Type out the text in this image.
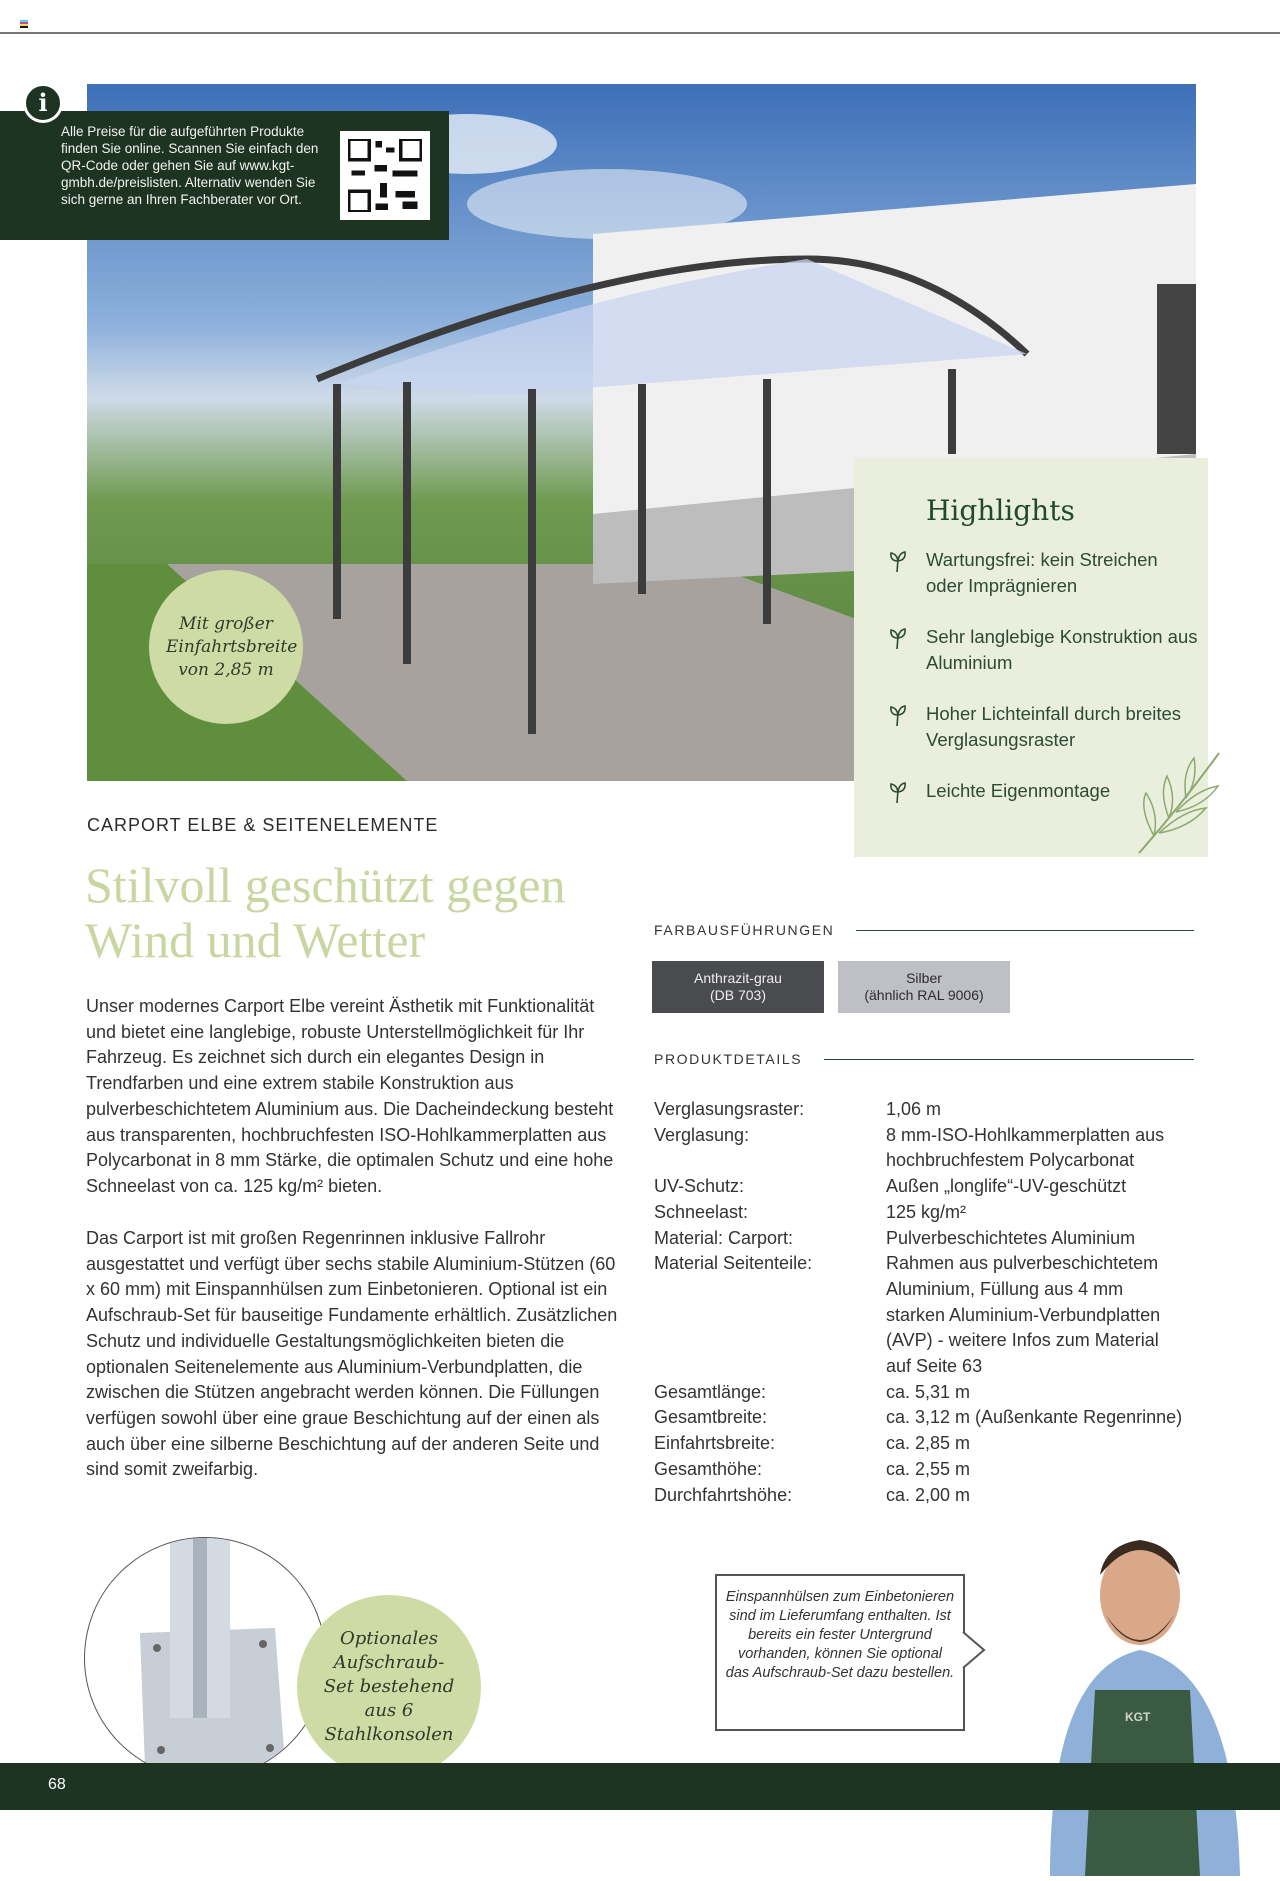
Alle Preise für die aufgeführten Produkte finden Sie online. Scannen Sie einfach den QR-Code oder gehen Sie auf www.kgt-gmbh.de/preislisten. Alternativ wenden Sie sich gerne an Ihren Fachberater vor Ort.

i
Mit großer Einfahrtsbreite von 2,85 m
Highlights
Wartungsfrei: kein Streichen oder Imprägnieren
Sehr langlebige Konstruktion aus Aluminium
Hoher Lichteinfall durch breites Verglasungsraster
Leichte Eigenmontage
CARPORT ELBE & SEITENELEMENTE
Stilvoll geschützt gegen Wind und Wetter

Unser modernes Carport Elbe vereint Ästhetik mit Funktionalität und bietet eine langlebige, robuste Unterstellmöglichkeit für Ihr Fahrzeug. Es zeichnet sich durch ein elegantes Design in Trendfarben und eine extrem stabile Konstruktion aus pulverbeschichtetem Aluminium aus. Die Dacheindeckung besteht aus transparenten, hochbruchfesten ISO-Hohlkammerplatten aus Polycarbonat in 8 mm Stärke, die optimalen Schutz und eine hohe Schneelast von ca. 125 kg/m² bieten.

Das Carport ist mit großen Regenrinnen inklusive Fallrohr ausgestattet und verfügt über sechs stabile Aluminium-Stützen (60 x 60 mm) mit Einspannhülsen zum Einbetonieren. Optional ist ein Aufschraub-Set für bauseitige Fundamente erhältlich. Zusätzlichen Schutz und individuelle Gestaltungsmöglichkeiten bieten die optionalen Seitenelemente aus Aluminium-Verbundplatten, die zwischen die Stützen angebracht werden können. Die Füllungen verfügen sowohl über eine graue Beschichtung auf der einen als auch über eine silberne Beschichtung auf der anderen Seite und sind somit zweifarbig.

FARBAUSFÜHRUNGEN
Anthrazit-grau
(DB 703)
Silber
(ähnlich RAL 9006)
PRODUKTDETAILS
Verglasungsraster:	1,06 m
Verglasung:	8 mm-ISO-Hohlkammerplatten aus hochbruchfestem Polycarbonat
UV-Schutz:	Außen „longlife“-UV-geschützt
Schneelast:	125 kg/m²
Material: Carport:	Pulverbeschichtetes Aluminium
Material Seitenteile:	Rahmen aus pulverbeschichtetem Aluminium, Füllung aus 4 mm starken Aluminium-Verbundplatten (AVP) - weitere Infos zum Material auf Seite 63
Gesamtlänge:	ca. 5,31 m
Gesamtbreite:	ca. 3,12 m (Außenkante Regenrinne)
Einfahrtsbreite:	ca. 2,85 m
Gesamthöhe:	ca. 2,55 m
Durchfahrtshöhe:	ca. 2,00 m
Optionales Aufschraub-Set bestehend aus 6 Stahlkonsolen
Einspannhülsen zum Einbetonieren sind im Lieferumfang enthalten. Ist bereits ein fester Untergrund vorhanden, können Sie optional das Aufschraub-Set dazu bestellen.
KGT
68
